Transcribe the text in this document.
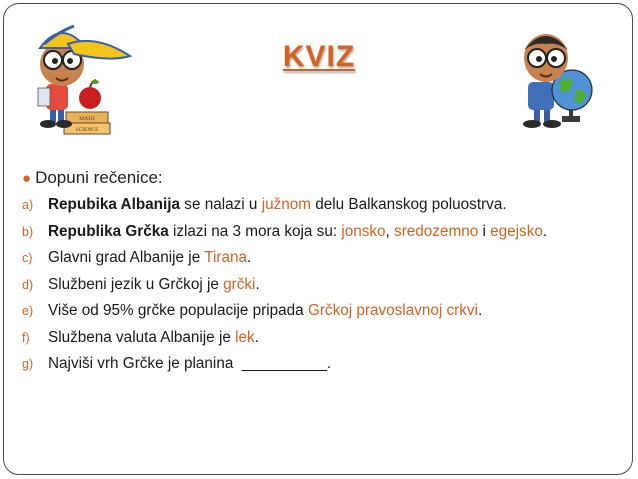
MATH
SCIENCE
KVIZ
● Dopuni rečenice:
a) Repubika Albanija se nalazi u južnom delu Balkanskog poluostrva.
b) Republika Grčka izlazi na 3 mora koja su: jonsko, sredozemno i egejsko.
c) Glavni grad Albanije je Tirana.
d) Službeni jezik u Grčkoj je grčki.
e) Više od 95% grčke populacije pripada Grčkoj pravoslavnoj crkvi.
f) Službena valuta Albanije je lek.
g) Najviši vrh Grčke je planina  __________.
